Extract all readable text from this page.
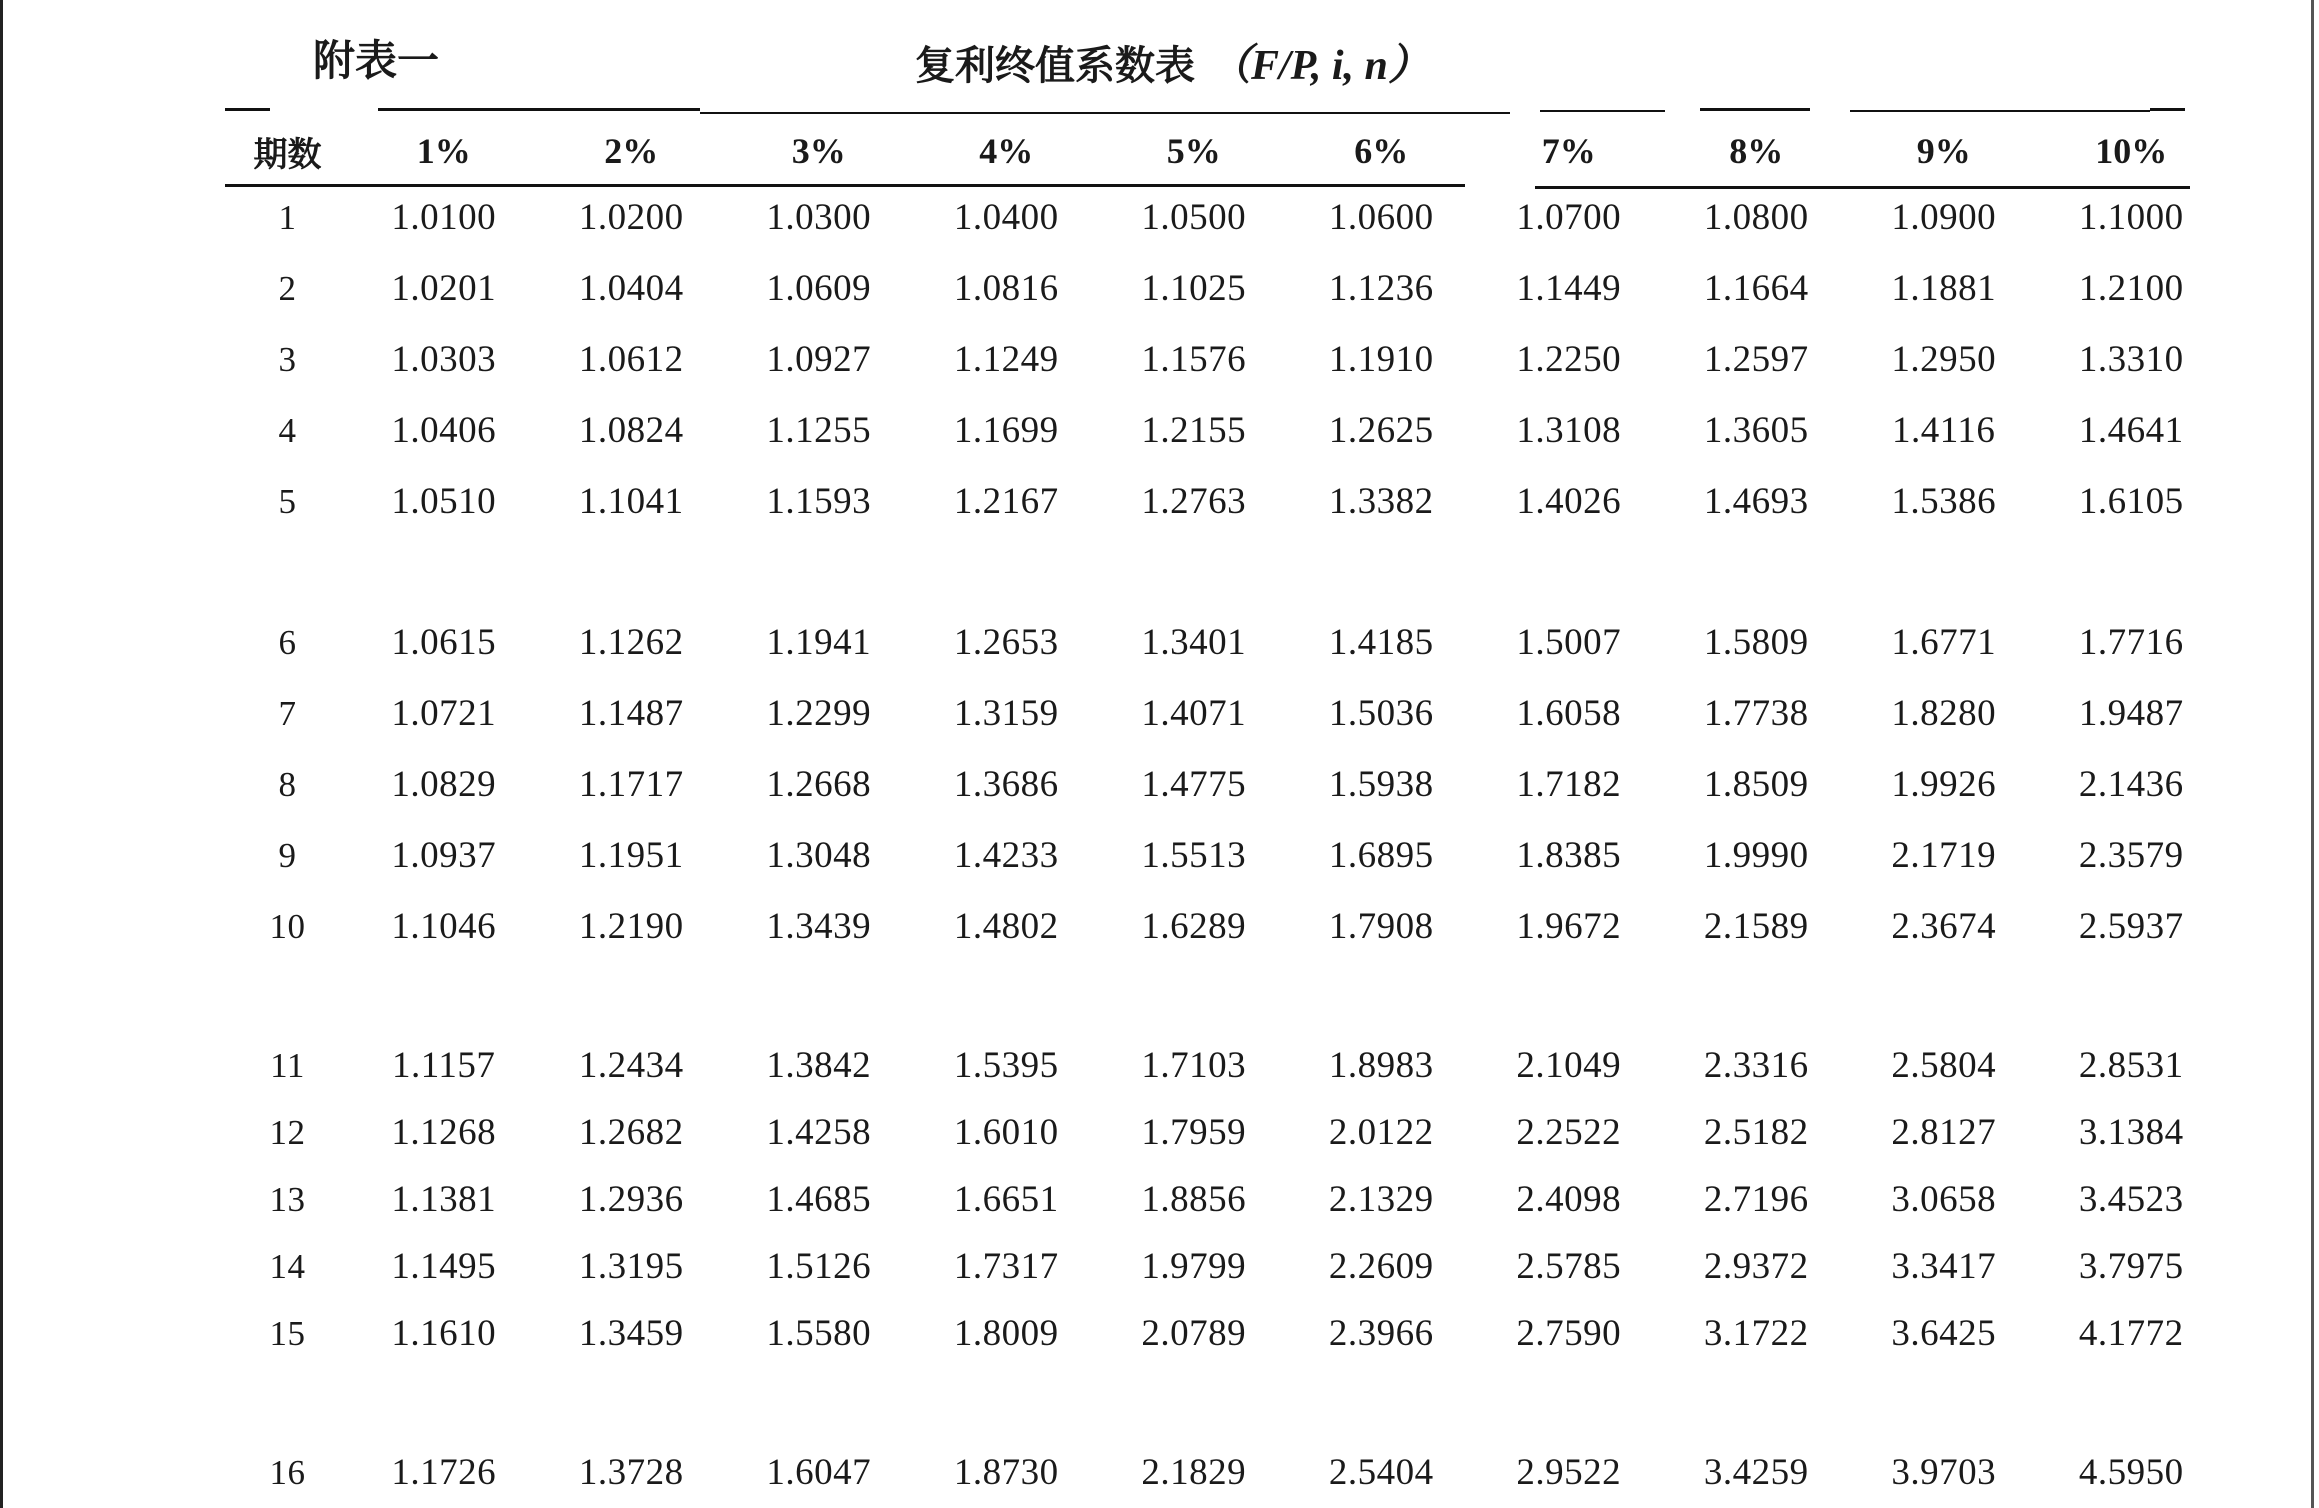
附表一	复利终值系数表 （F/P, i, n）
期数	1%	2%	3%	4%	5%	6%	7%	8%	9%	10%
1	1.0100	1.0200	1.0300	1.0400	1.0500	1.0600	1.0700	1.0800	1.0900	1.1000
2	1.0201	1.0404	1.0609	1.0816	1.1025	1.1236	1.1449	1.1664	1.1881	1.2100
3	1.0303	1.0612	1.0927	1.1249	1.1576	1.1910	1.2250	1.2597	1.2950	1.3310
4	1.0406	1.0824	1.1255	1.1699	1.2155	1.2625	1.3108	1.3605	1.4116	1.4641
5	1.0510	1.1041	1.1593	1.2167	1.2763	1.3382	1.4026	1.4693	1.5386	1.6105

6	1.0615	1.1262	1.1941	1.2653	1.3401	1.4185	1.5007	1.5809	1.6771	1.7716
7	1.0721	1.1487	1.2299	1.3159	1.4071	1.5036	1.6058	1.7738	1.8280	1.9487
8	1.0829	1.1717	1.2668	1.3686	1.4775	1.5938	1.7182	1.8509	1.9926	2.1436
9	1.0937	1.1951	1.3048	1.4233	1.5513	1.6895	1.8385	1.9990	2.1719	2.3579
10	1.1046	1.2190	1.3439	1.4802	1.6289	1.7908	1.9672	2.1589	2.3674	2.5937

11	1.1157	1.2434	1.3842	1.5395	1.7103	1.8983	2.1049	2.3316	2.5804	2.8531
12	1.1268	1.2682	1.4258	1.6010	1.7959	2.0122	2.2522	2.5182	2.8127	3.1384
13	1.1381	1.2936	1.4685	1.6651	1.8856	2.1329	2.4098	2.7196	3.0658	3.4523
14	1.1495	1.3195	1.5126	1.7317	1.9799	2.2609	2.5785	2.9372	3.3417	3.7975
15	1.1610	1.3459	1.5580	1.8009	2.0789	2.3966	2.7590	3.1722	3.6425	4.1772

16	1.1726	1.3728	1.6047	1.8730	2.1829	2.5404	2.9522	3.4259	3.9703	4.5950
